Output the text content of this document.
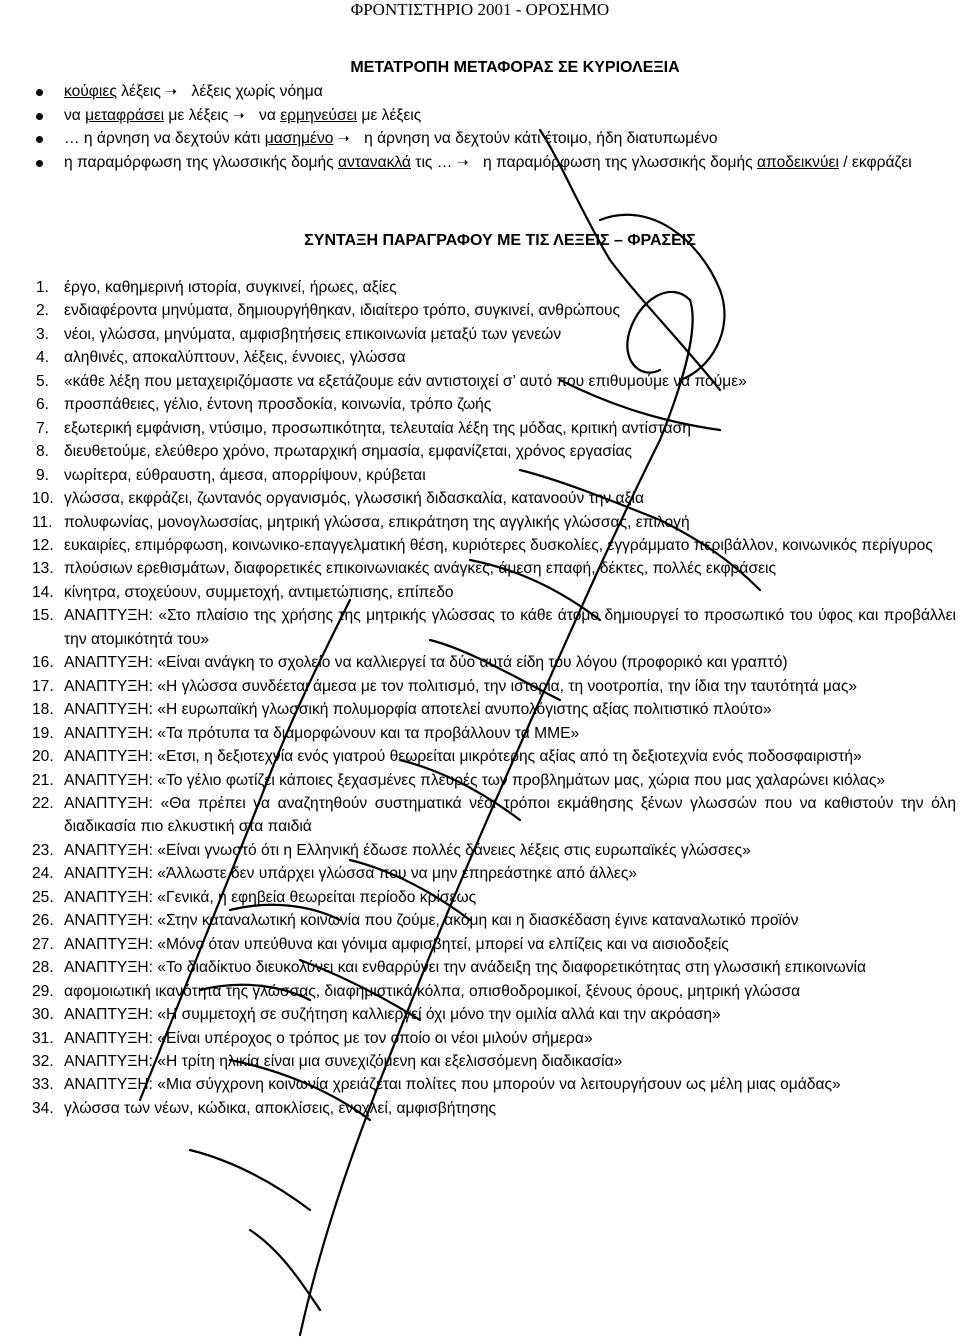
ΦΡΟΝΤΙΣΤΗΡΙΟ 2001 - ΟΡΟΣΗΜΟ
ΜΕΤΑΤΡΟΠΗ ΜΕΤΑΦΟΡΑΣ ΣΕ ΚΥΡΙΟΛΕΞΙΑ
κούφιες λέξεις ➝ λέξεις χωρίς νόημα
να μεταφράσει με λέξεις ➝ να ερμηνεύσει με λέξεις
… η άρνηση να δεχτούν κάτι μασημένο ➝ η άρνηση να δεχτούν κάτι έτοιμο, ήδη διατυπωμένο
η παραμόρφωση της γλωσσικής δομής αντανακλά τις … ➝ η παραμόρφωση της γλωσσικής δομής αποδεικνύει / εκφράζει
ΣΥΝΤΑΞΗ ΠΑΡΑΓΡΑΦΟΥ ΜΕ ΤΙΣ ΛΕΞΕΙΣ – ΦΡΑΣΕΙΣ
1. έργο, καθημερινή ιστορία, συγκινεί, ήρωες, αξίες
2. ενδιαφέροντα μηνύματα, δημιουργήθηκαν, ιδιαίτερο τρόπο, συγκινεί, ανθρώπους
3. νέοι, γλώσσα, μηνύματα, αμφισβητήσεις επικοινωνία μεταξύ των γενεών
4. αληθινές, αποκαλύπτουν, λέξεις, έννοιες, γλώσσα
5. «κάθε λέξη που μεταχειριζόμαστε να εξετάζουμε εάν αντιστοιχεί σ’ αυτό που επιθυμούμε να πούμε»
6. προσπάθειες, γέλιο, έντονη προσδοκία, κοινωνία, τρόπο ζωής
7. εξωτερική εμφάνιση, ντύσιμο, προσωπικότητα, τελευταία λέξη της μόδας, κριτική αντίσταση
8. διευθετούμε, ελεύθερο χρόνο, πρωταρχική σημασία, εμφανίζεται, χρόνος εργασίας
9. νωρίτερα, εύθραυστη, άμεσα, απορρίψουν, κρύβεται
10. γλώσσα, εκφράζει, ζωντανός οργανισμός, γλωσσική διδασκαλία, κατανοούν την αξία
11. πολυφωνίας, μονογλωσσίας, μητρική γλώσσα, επικράτηση της αγγλικής γλώσσας, επιλογή
12. ευκαιρίες, επιμόρφωση, κοινωνικο-επαγγελματική θέση, κυριότερες δυσκολίες, εγγράμματο περιβάλλον, κοινωνικός περίγυρος
13. πλούσιων ερεθισμάτων, διαφορετικές επικοινωνιακές ανάγκες, άμεση επαφή, δέκτες, πολλές εκφράσεις
14. κίνητρα, στοχεύουν, συμμετοχή, αντιμετώπισης, επίπεδο
15. ΑΝΑΠΤΥΞΗ: «Στο πλαίσιο της χρήσης της μητρικής γλώσσας το κάθε άτομο δημιουργεί το προσωπικό του ύφος και προβάλλει την ατομικότητά του»
16. ΑΝΑΠΤΥΞΗ: «Είναι ανάγκη το σχολείο να καλλιεργεί τα δύο αυτά είδη του λόγου (προφορικό και γραπτό)
17. ΑΝΑΠΤΥΞΗ: «Η γλώσσα συνδέεται άμεσα με τον πολιτισμό, την ιστορία, τη νοοτροπία, την ίδια την ταυτότητά μας»
18. ΑΝΑΠΤΥΞΗ: «Η ευρωπαϊκή γλωσσική πολυμορφία αποτελεί ανυπολόγιστης αξίας πολιτιστικό πλούτο»
19. ΑΝΑΠΤΥΞΗ: «Τα πρότυπα τα διαμορφώνουν και τα προβάλλουν τα ΜΜΕ»
20. ΑΝΑΠΤΥΞΗ: «Ετσι, η δεξιοτεχνία ενός γιατρού θεωρείται μικρότερης αξίας από τη δεξιοτεχνία ενός ποδοσφαιριστή»
21. ΑΝΑΠΤΥΞΗ: «Το γέλιο φωτίζει κάποιες ξεχασμένες πλευρές των προβλημάτων μας, χώρια που μας χαλαρώνει κιόλας»
22. ΑΝΑΠΤΥΞΗ: «Θα πρέπει να αναζητηθούν συστηματικά νέοι τρόποι εκμάθησης ξένων γλωσσών που να καθιστούν την όλη διαδικασία πιο ελκυστική στα παιδιά
23. ΑΝΑΠΤΥΞΗ: «Είναι γνωστό ότι η Ελληνική έδωσε πολλές δάνειες λέξεις στις ευρωπαϊκές γλώσσες»
24. ΑΝΑΠΤΥΞΗ: «Άλλωστε δεν υπάρχει γλώσσα που να μην επηρεάστηκε από άλλες»
25. ΑΝΑΠΤΥΞΗ: «Γενικά, η εφηβεία θεωρείται περίοδο κρίσεως
26. ΑΝΑΠΤΥΞΗ: «Στην καταναλωτική κοινωνία που ζούμε, ακόμη και η διασκέδαση έγινε καταναλωτικό προϊόν
27. ΑΝΑΠΤΥΞΗ: «Μόνο όταν υπεύθυνα και γόνιμα αμφισβητεί, μπορεί να ελπίζεις και να αισιοδοξείς
28. ΑΝΑΠΤΥΞΗ: «Το διαδίκτυο διευκολύνει και ενθαρρύνει την ανάδειξη της διαφορετικότητας στη γλωσσική επικοινωνία
29. αφομοιωτική ικανότητα της γλώσσας, διαφημιστικά κόλπα, οπισθοδρομικοί, ξένους όρους, μητρική γλώσσα
30. ΑΝΑΠΤΥΞΗ: «Η συμμετοχή σε συζήτηση καλλιεργεί όχι μόνο την ομιλία αλλά και την ακρόαση»
31. ΑΝΑΠΤΥΞΗ: «Είναι υπέροχος ο τρόπος με τον οποίο οι νέοι μιλούν σήμερα»
32. ΑΝΑΠΤΥΞΗ: «Η τρίτη ηλικία είναι μια συνεχιζόμενη και εξελισσόμενη διαδικασία»
33. ΑΝΑΠΤΥΞΗ: «Μια σύγχρονη κοινωνία χρειάζεται πολίτες που μπορούν να λειτουργήσουν ως μέλη μιας ομάδας»
34. γλώσσα των νέων, κώδικα, αποκλίσεις, ενοχλεί, αμφισβήτησης
